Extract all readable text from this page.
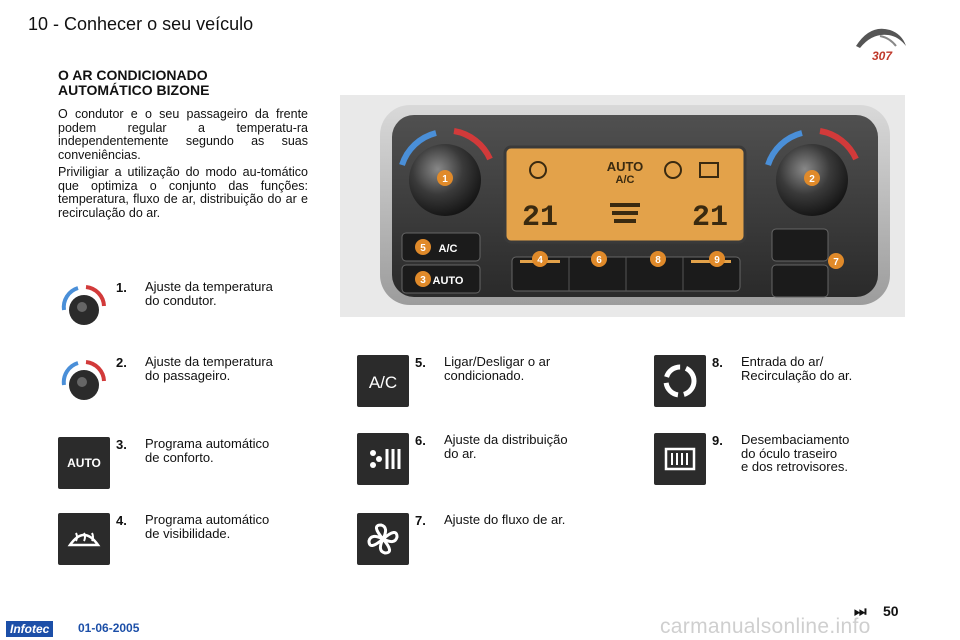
10 - Conhecer o seu veículo
307
O AR CONDICIONADO
AUTOMÁTICO BIZONE
O condutor e o seu passageiro da frente podem regular a temperatu-ra independentemente segundo as suas conveniências.
Priviligiar a utilização do modo au-tomático que optimiza o conjunto das funções: temperatura, fluxo de ar, distribuição do ar e recirculação do ar.
AUTO
A/C
21	21
A/C
AUTO
1	2
3
4
5
6	7
8	9
1. Ajuste da temperatura
do condutor.
2. Ajuste da temperatura
do passageiro.
AUTO
3. Programa automático
de conforto.
4. Programa automático
de visibilidade.
A/C
5. Ligar/Desligar o ar
condicionado.
6. Ajuste da distribuição
do ar.
7. Ajuste do fluxo de ar.
8. Entrada do ar/
Recirculação do ar.
9. Desembaciamento
do óculo traseiro
e dos retrovisores.
⏭ 50
Infotec	01-06-2005	carmanualsonline.info
